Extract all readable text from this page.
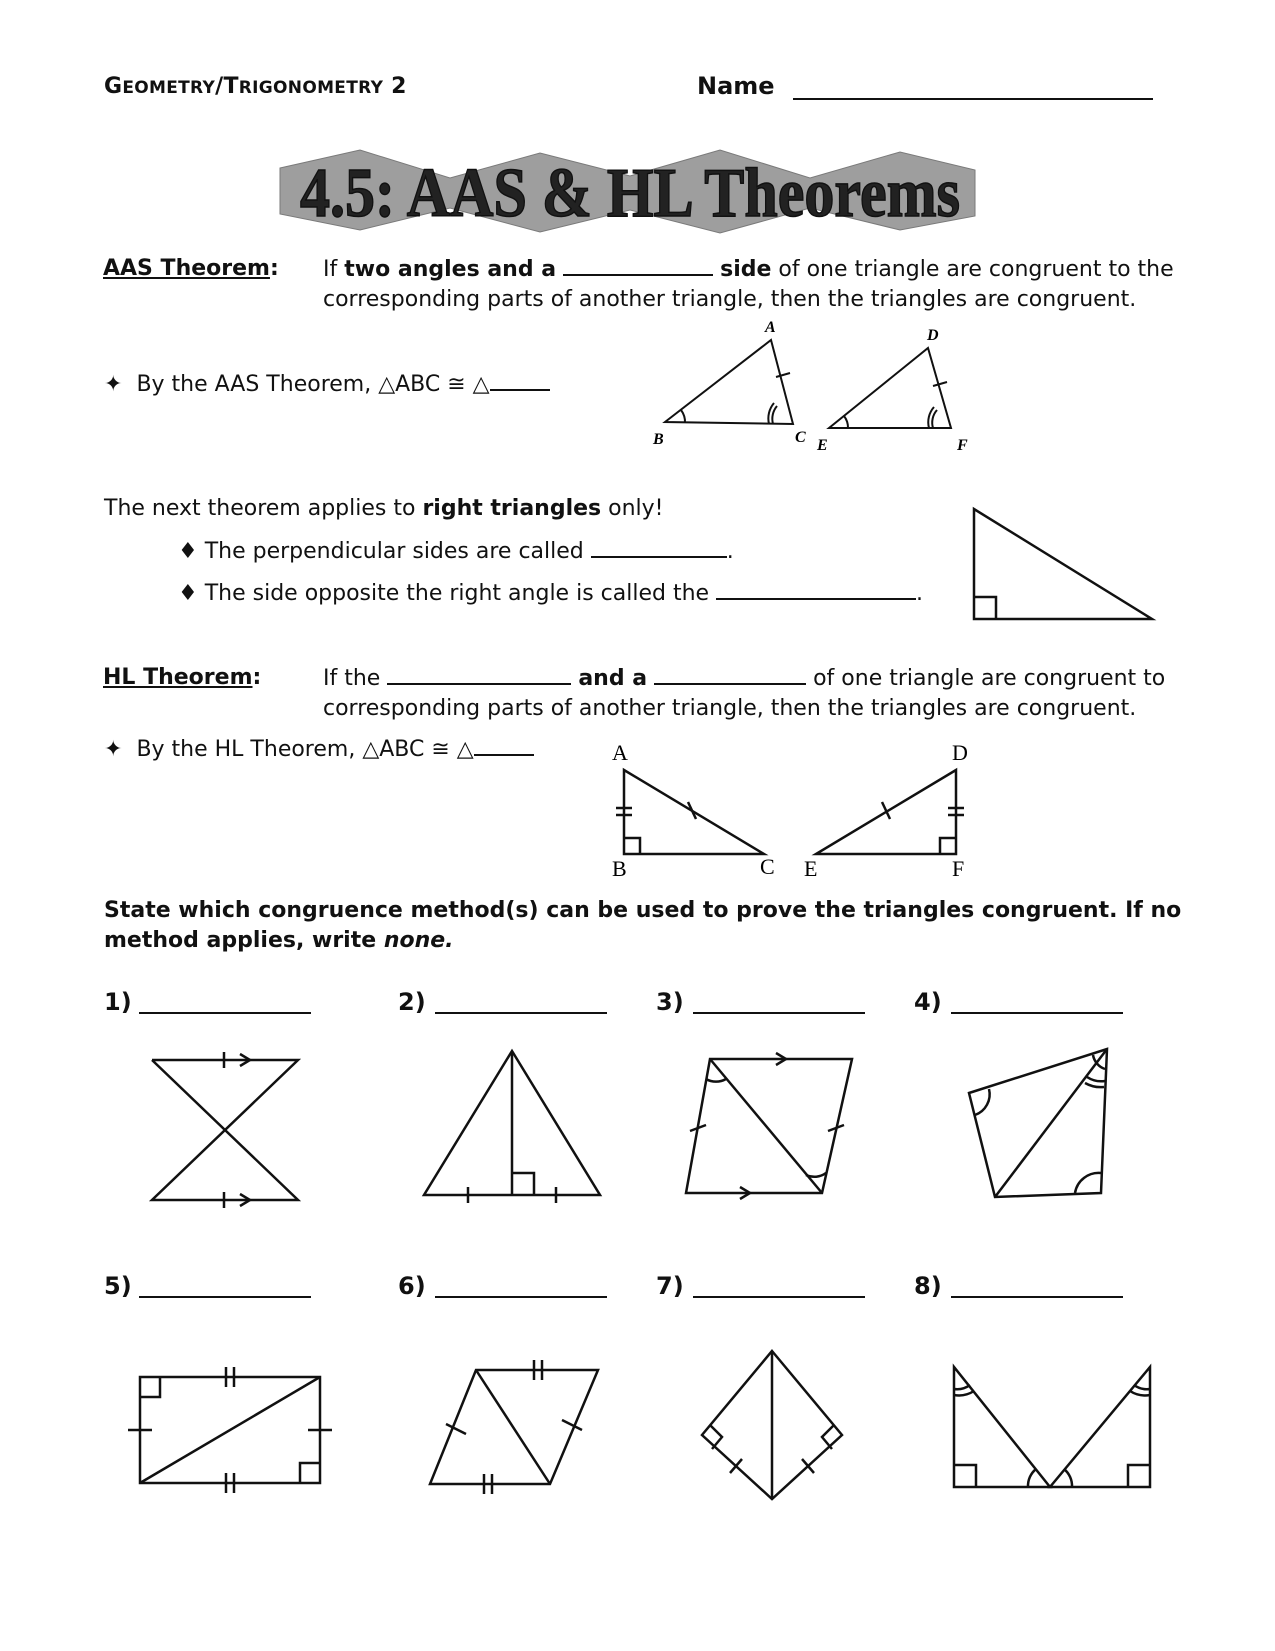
GEOMETRY/TRIGONOMETRY 2	Name
4.5: AAS & HL Theorems
AAS Theorem: If two angles and a	side of one triangle are congruent to the
corresponding parts of another triangle, then the triangles are congruent.
✦ By the AAS Theorem, △ABC ≅ △
A
B	C
D
E	F
The next theorem applies to right triangles only!
♦ The perpendicular sides are called	.
♦ The side opposite the right angle is called the	.
HL Theorem:	If the	and a	of one triangle are congruent to
corresponding parts of another triangle, then the triangles are congruent.
✦ By the HL Theorem, △ABC ≅ △	A
B	C
D
E	F
State which congruence method(s) can be used to prove the triangles congruent. If no
method applies, write none.
1)	2)	3)	4)
5)	6)	7)	8)
